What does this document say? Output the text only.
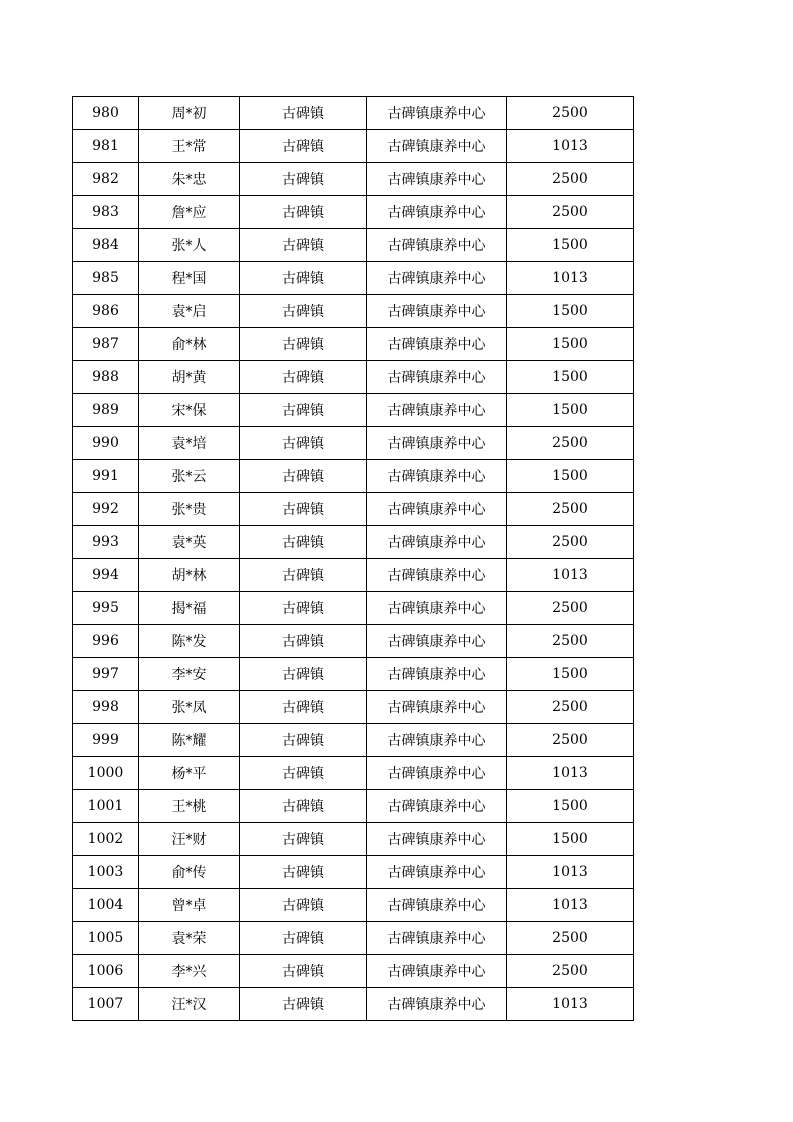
980	周*初	古碑镇	古碑镇康养中心	2500
981	王*常	古碑镇	古碑镇康养中心	1013
982	朱*忠	古碑镇	古碑镇康养中心	2500
983	詹*应	古碑镇	古碑镇康养中心	2500
984	张*人	古碑镇	古碑镇康养中心	1500
985	程*国	古碑镇	古碑镇康养中心	1013
986	袁*启	古碑镇	古碑镇康养中心	1500
987	俞*林	古碑镇	古碑镇康养中心	1500
988	胡*黄	古碑镇	古碑镇康养中心	1500
989	宋*保	古碑镇	古碑镇康养中心	1500
990	袁*培	古碑镇	古碑镇康养中心	2500
991	张*云	古碑镇	古碑镇康养中心	1500
992	张*贵	古碑镇	古碑镇康养中心	2500
993	袁*英	古碑镇	古碑镇康养中心	2500
994	胡*林	古碑镇	古碑镇康养中心	1013
995	揭*福	古碑镇	古碑镇康养中心	2500
996	陈*发	古碑镇	古碑镇康养中心	2500
997	李*安	古碑镇	古碑镇康养中心	1500
998	张*凤	古碑镇	古碑镇康养中心	2500
999	陈*耀	古碑镇	古碑镇康养中心	2500
1000	杨*平	古碑镇	古碑镇康养中心	1013
1001	王*桃	古碑镇	古碑镇康养中心	1500
1002	汪*财	古碑镇	古碑镇康养中心	1500
1003	俞*传	古碑镇	古碑镇康养中心	1013
1004	曾*卓	古碑镇	古碑镇康养中心	1013
1005	袁*荣	古碑镇	古碑镇康养中心	2500
1006	李*兴	古碑镇	古碑镇康养中心	2500
1007	汪*汉	古碑镇	古碑镇康养中心	1013
